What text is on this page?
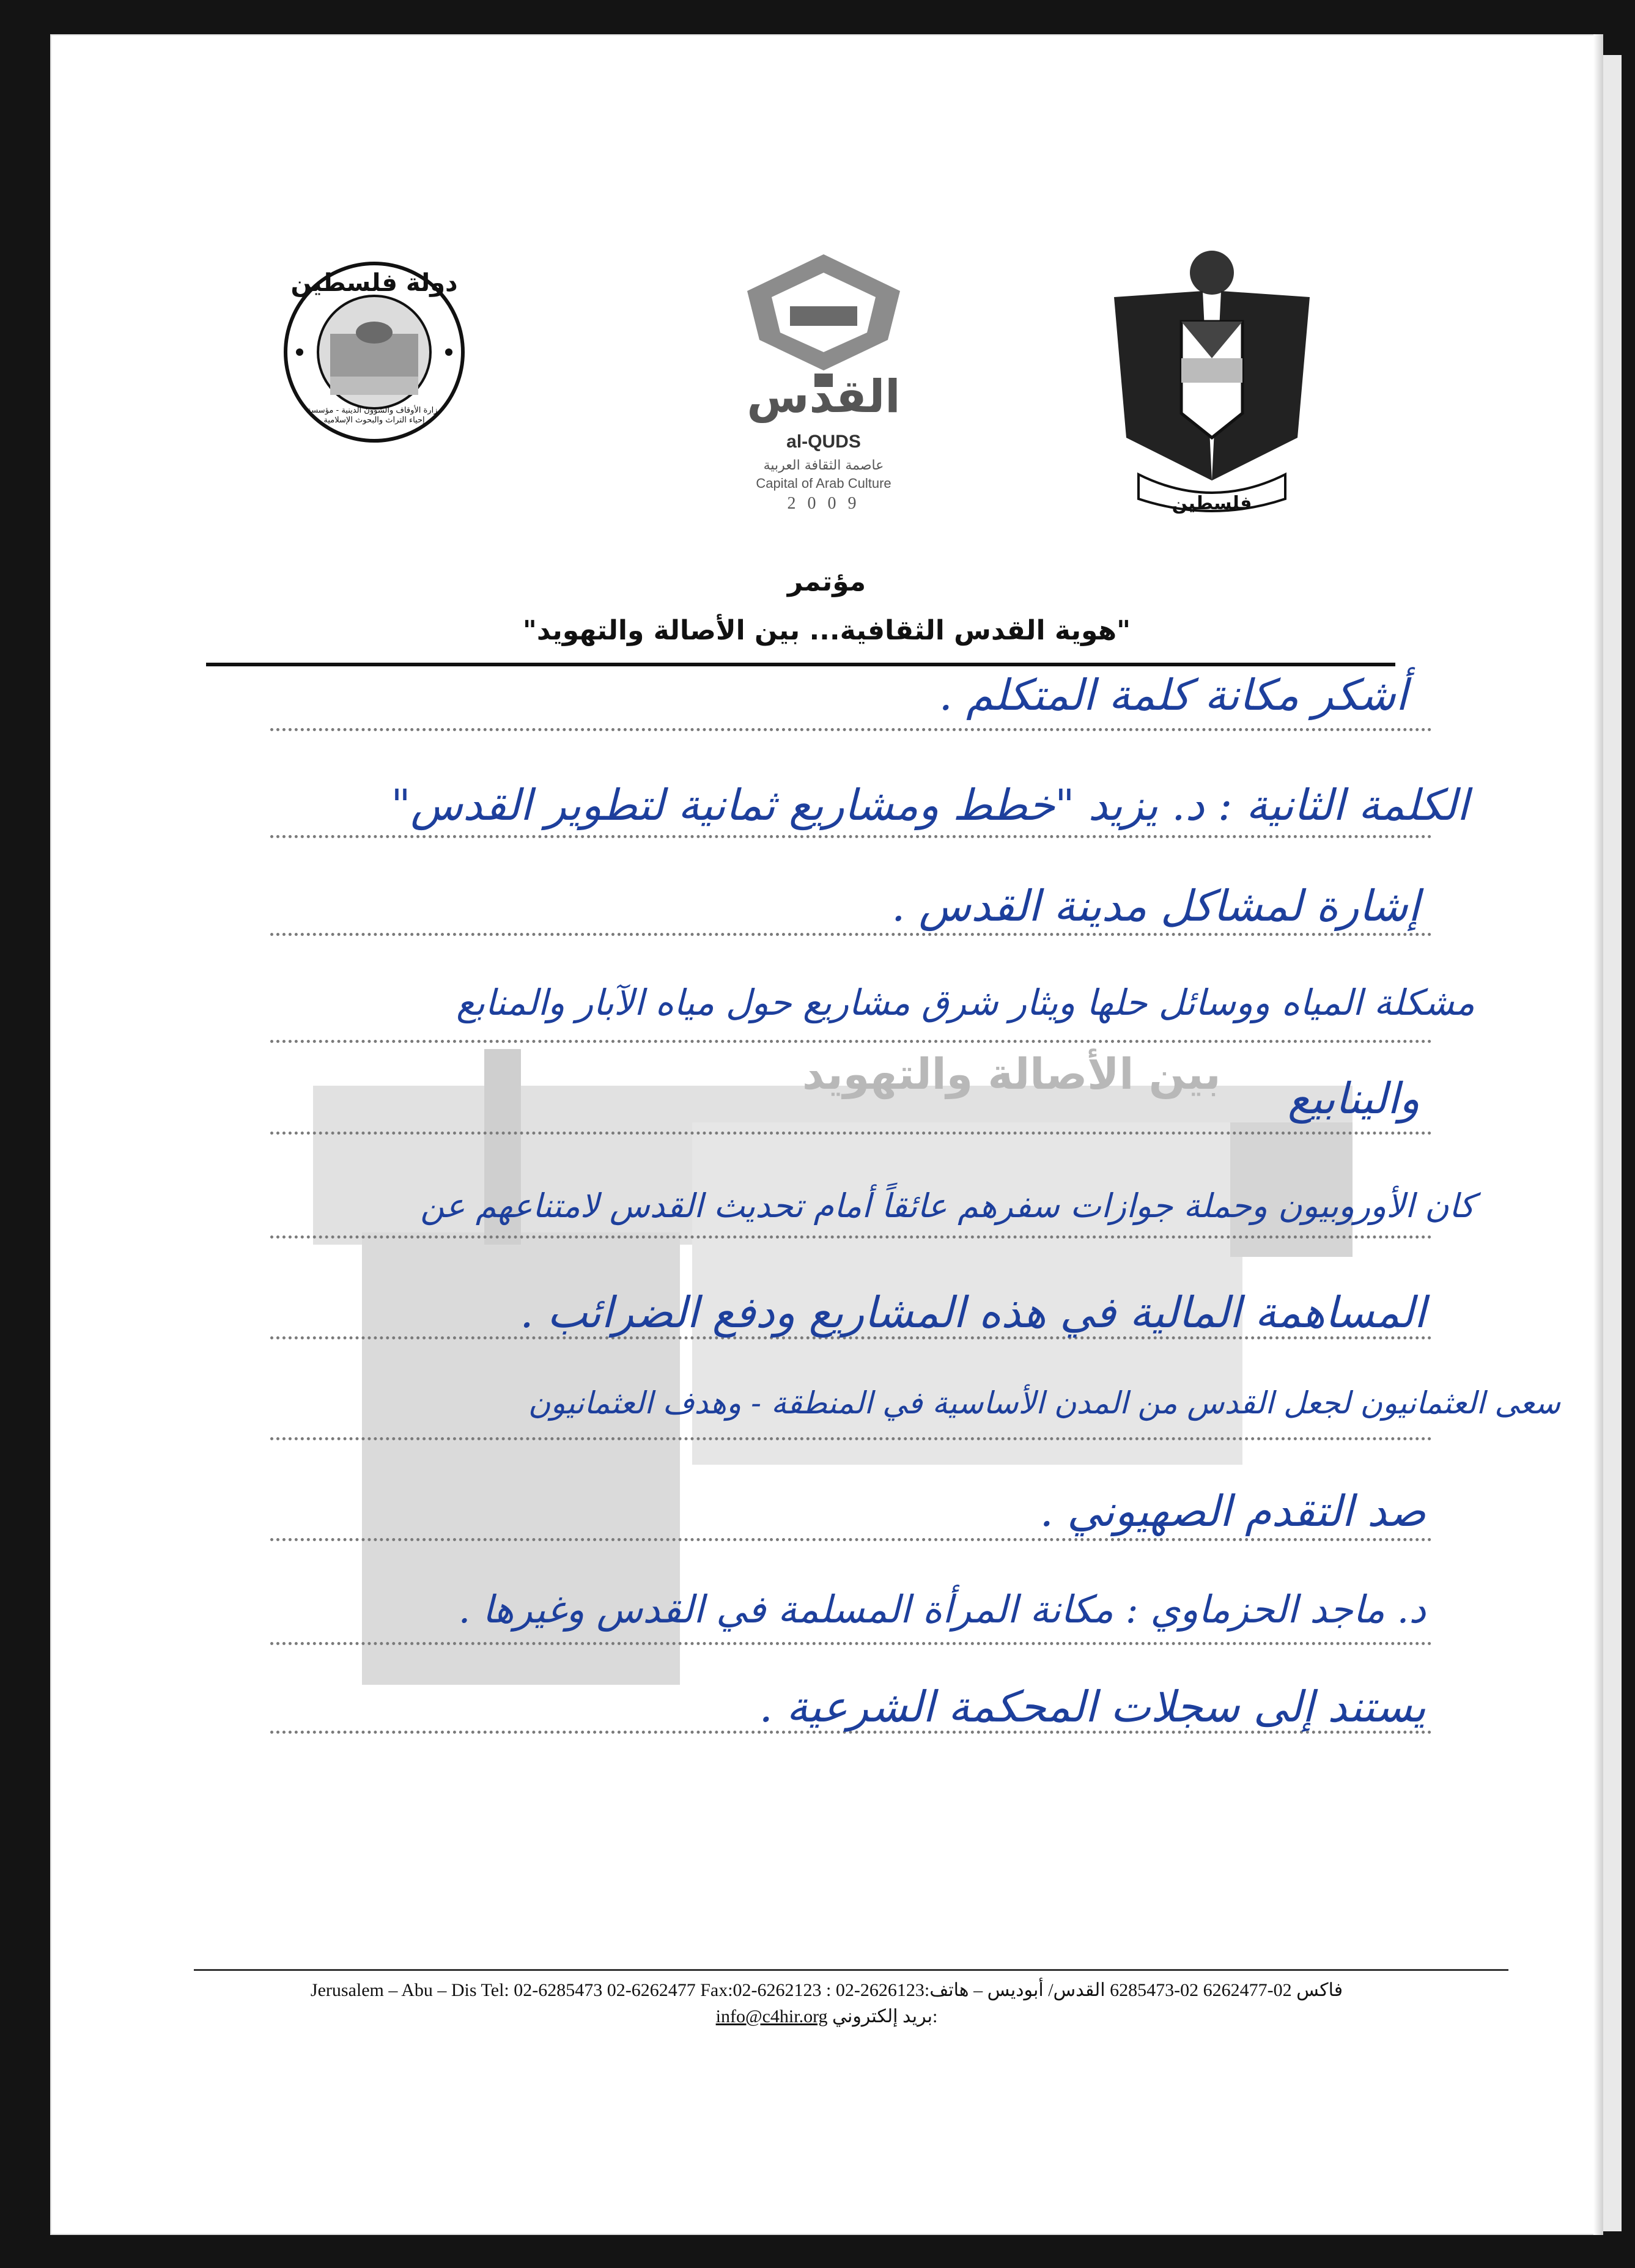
دولة فلسطين
وزارة الأوقاف والشؤون الدينية - مؤسسة إحياء التراث والبحوث الإسلامية	القدس
al-QUDS
عاصمة الثقافة العربية
Capital of Arab Culture
2 0 0 9	فلسطين
مؤتمر
"هوية القدس الثقافية... بين الأصالة والتهويد"
بين الأصالة والتهويد
أشكر مكانة كلمة المتكلم .
الكلمة الثانية : د. يزيد "خطط ومشاريع ثمانية لتطوير القدس"
إشارة لمشاكل مدينة القدس .
مشكلة المياه ووسائل حلها ويثار شرق مشاريع حول مياه الآبار والمنابع
والينابيع
كان الأوروبيون وحملة جوازات سفرهم عائقاً أمام تحديث القدس لامتناعهم عن
المساهمة المالية في هذه المشاريع ودفع الضرائب .
سعى العثمانيون لجعل القدس من المدن الأساسية في المنطقة - وهدف العثمانيون
صد التقدم الصهيوني .
د. ماجد الحزماوي : مكانة المرأة المسلمة في القدس وغيرها .
يستند إلى سجلات المحكمة الشرعية .
Jerusalem – Abu – Dis Tel: 02-6285473 02-6262477 Fax:02-6262123 : 02-2626123:فاكس 02-6262477 02-6285473 القدس/ أبوديس – هاتف
info@c4hir.org بريد إلكتروني:
